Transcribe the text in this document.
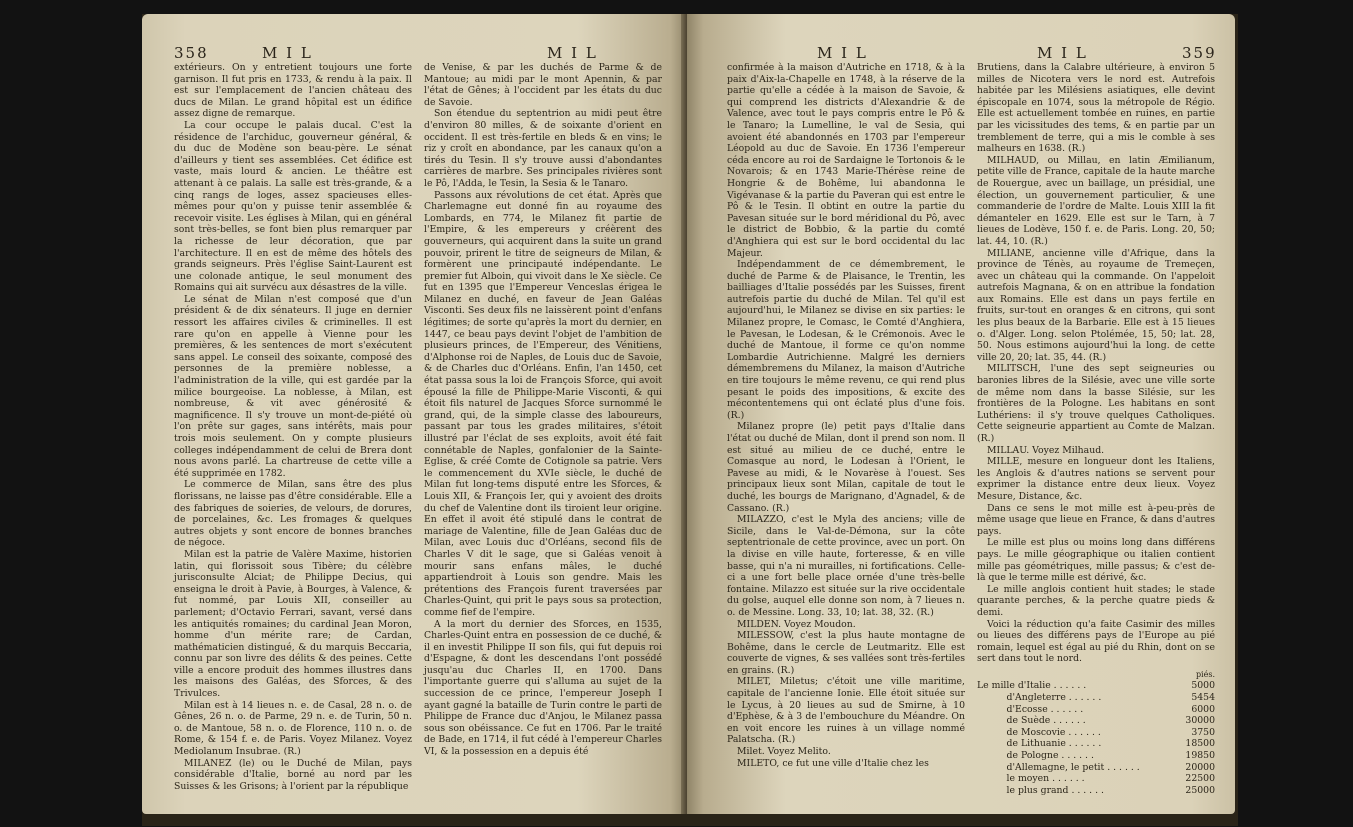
358	M I L	M I L

extérieurs. On y entretient toujours une forte garnison. Il fut pris en 1733, & rendu à la paix. Il est sur l'emplacement de l'ancien château des ducs de Milan. Le grand hôpital est un édifice assez digne de remarque.

La cour occupe le palais ducal. C'est la résidence de l'archiduc, gouverneur général, & du duc de Modène son beau-père. Le sénat d'ailleurs y tient ses assemblées. Cet édifice est vaste, mais lourd & ancien. Le théâtre est attenant à ce palais. La salle est très-grande, & a cinq rangs de loges, assez spacieuses elles-mêmes pour qu'on y puisse tenir assemblée & recevoir visite. Les églises à Milan, qui en général sont très-belles, se font bien plus remarquer par la richesse de leur décoration, que par l'architecture. Il en est de même des hôtels des grands seigneurs. Près l'église Saint-Laurent est une colonade antique, le seul monument des Romains qui ait survécu aux désastres de la ville.

Le sénat de Milan n'est composé que d'un président & de dix sénateurs. Il juge en dernier ressort les affaires civiles & criminelles. Il est rare qu'on en appelle à Vienne pour les premières, & les sentences de mort s'exécutent sans appel. Le conseil des soixante, composé des personnes de la première noblesse, a l'administration de la ville, qui est gardée par la milice bourgeoise. La noblesse, à Milan, est nombreuse, & vit avec générosité & magnificence. Il s'y trouve un mont-de-piété où l'on prête sur gages, sans intérêts, mais pour trois mois seulement. On y compte plusieurs colleges indépendamment de celui de Brera dont nous avons parlé. La chartreuse de cette ville a été supprimée en 1782.

Le commerce de Milan, sans être des plus florissans, ne laisse pas d'être considérable. Elle a des fabriques de soieries, de velours, de dorures, de porcelaines, &c. Les fromages & quelques autres objets y sont encore de bonnes branches de négoce.

Milan est la patrie de Valère Maxime, historien latin, qui florissoit sous Tibère; du célèbre jurisconsulte Alciat; de Philippe Decius, qui enseigna le droit à Pavie, à Bourges, à Valence, & fut nommé, par Louis XII, conseiller au parlement; d'Octavio Ferrari, savant, versé dans les antiquités romaines; du cardinal Jean Moron, homme d'un mérite rare; de Cardan, mathématicien distingué, & du marquis Beccaria, connu par son livre des délits & des peines. Cette ville a encore produit des hommes illustres dans les maisons des Galéas, des Sforces, & des Trivulces.

Milan est à 14 lieues n. e. de Casal, 28 n. o. de Gênes, 26 n. o. de Parme, 29 n. e. de Turin, 50 n. o. de Mantoue, 58 n. o. de Florence, 110 n. o. de Rome, & 154 f. e. de Paris. Voyez Milanez. Voyez Mediolanum Insubrae. (R.)

MILANEZ (le) ou le Duché de Milan, pays considérable d'Italie, borné au nord par les Suisses & les Grisons; à l'orient par la république

de Venise, & par les duchés de Parme & de Mantoue; au midi par le mont Apennin, & par l'état de Gênes; à l'occident par les états du duc de Savoie.

Son étendue du septentrion au midi peut être d'environ 80 milles, & de soixante d'orient en occident. Il est très-fertile en bleds & en vins; le riz y croît en abondance, par les canaux qu'on a tirés du Tesin. Il s'y trouve aussi d'abondantes carrières de marbre. Ses principales rivières sont le Pô, l'Adda, le Tesin, la Sesia & le Tanaro.

Passons aux révolutions de cet état. Après que Charlemagne eut donné fin au royaume des Lombards, en 774, le Milanez fit partie de l'Empire, & les empereurs y créèrent des gouverneurs, qui acquirent dans la suite un grand pouvoir, prirent le titre de seigneurs de Milan, & formèrent une principauté indépendante. Le premier fut Alboin, qui vivoit dans le Xe siècle. Ce fut en 1395 que l'Empereur Venceslas érigea le Milanez en duché, en faveur de Jean Galéas Visconti. Ses deux fils ne laissèrent point d'enfans légitimes; de sorte qu'après la mort du dernier, en 1447, ce beau pays devint l'objet de l'ambition de plusieurs princes, de l'Empereur, des Vénitiens, d'Alphonse roi de Naples, de Louis duc de Savoie, & de Charles duc d'Orléans. Enfin, l'an 1450, cet état passa sous la loi de François Sforce, qui avoit épousé la fille de Philippe-Marie Visconti, & qui étoit fils naturel de Jacques Sforce surnommé le grand, qui, de la simple classe des laboureurs, passant par tous les grades militaires, s'étoit illustré par l'éclat de ses exploits, avoit été fait connétable de Naples, gonfalonier de la Sainte-Eglise, & créé Comte de Cotignole sa patrie. Vers le commencement du XVIe siècle, le duché de Milan fut long-tems disputé entre les Sforces, & Louis XII, & François Ier, qui y avoient des droits du chef de Valentine dont ils tiroient leur origine. En effet il avoit été stipulé dans le contrat de mariage de Valentine, fille de Jean Galéas duc de Milan, avec Louis duc d'Orléans, second fils de Charles V dit le sage, que si Galéas venoit à mourir sans enfans mâles, le duché appartiendroit à Louis son gendre. Mais les prétentions des François furent traversées par Charles-Quint, qui prit le pays sous sa protection, comme fief de l'empire.

A la mort du dernier des Sforces, en 1535, Charles-Quint entra en possession de ce duché, & il en investit Philippe II son fils, qui fut depuis roi d'Espagne, & dont les descendans l'ont possédé jusqu'au duc Charles II, en 1700. Dans l'importante guerre qui s'alluma au sujet de la succession de ce prince, l'empereur Joseph I ayant gagné la bataille de Turin contre le parti de Philippe de France duc d'Anjou, le Milanez passa sous son obéissance. Ce fut en 1706. Par le traité de Bade, en 1714, il fut cédé à l'empereur Charles VI, & la possession en a depuis été

M I L	M I L	359

confirmée à la maison d'Autriche en 1718, & à la paix d'Aix-la-Chapelle en 1748, à la réserve de la partie qu'elle a cédée à la maison de Savoie, & qui comprend les districts d'Alexandrie & de Valence, avec tout le pays compris entre le Pô & le Tanaro; la Lumelline, le val de Sesia, qui avoient été abandonnés en 1703 par l'empereur Léopold au duc de Savoie. En 1736 l'empereur céda encore au roi de Sardaigne le Tortonois & le Novarois; & en 1743 Marie-Thérèse reine de Hongrie & de Bohême, lui abandonna le Vigévanase & la partie du Paveran qui est entre le Pô & le Tesin. Il obtint en outre la partie du Pavesan située sur le bord méridional du Pô, avec le district de Bobbio, & la partie du comté d'Anghiera qui est sur le bord occidental du lac Majeur.

Indépendamment de ce démembrement, le duché de Parme & de Plaisance, le Trentin, les bailliages d'Italie possédés par les Suisses, firent autrefois partie du duché de Milan. Tel qu'il est aujourd'hui, le Milanez se divise en six parties: le Milanez propre, le Comasc, le Comté d'Anghiera, le Pavesan, le Lodesan, & le Crémonois. Avec le duché de Mantoue, il forme ce qu'on nomme Lombardie Autrichienne. Malgré les derniers démembremens du Milanez, la maison d'Autriche en tire toujours le même revenu, ce qui rend plus pesant le poids des impositions, & excite des mécontentemens qui ont éclaté plus d'une fois. (R.)

Milanez propre (le) petit pays d'Italie dans l'état ou duché de Milan, dont il prend son nom. Il est situé au milieu de ce duché, entre le Comasque au nord, le Lodesan à l'Orient, le Pavese au midi, & le Novarèse à l'ouest. Ses principaux lieux sont Milan, capitale de tout le duché, les bourgs de Marignano, d'Agnadel, & de Cassano. (R.)

MILAZZO, c'est le Myla des anciens; ville de Sicile, dans le Val-de-Démona, sur la côte septentrionale de cette province, avec un port. On la divise en ville haute, forteresse, & en ville basse, qui n'a ni murailles, ni fortifications. Celle-ci a une fort belle place ornée d'une très-belle fontaine. Milazzo est située sur la rive occidentale du golse, auquel elle donne son nom, à 7 lieues n. o. de Messine. Long. 33, 10; lat. 38, 32. (R.)

MILDEN. Voyez Moudon.

MILESSOW, c'est la plus haute montagne de Bohême, dans le cercle de Leutmaritz. Elle est couverte de vignes, & ses vallées sont très-fertiles en grains. (R.)

MILET, Miletus; c'étoit une ville maritime, capitale de l'ancienne Ionie. Elle étoit située sur le Lycus, à 20 lieues au sud de Smirne, à 10 d'Ephèse, & à 3 de l'embouchure du Méandre. On en voit encore les ruines à un village nommé Palatscha. (R.)

Milet. Voyez Melito.

MILETO, ce fut une ville d'Italie chez les

Brutiens, dans la Calabre ultérieure, à environ 5 milles de Nicotera vers le nord est. Autrefois habitée par les Milésiens asiatiques, elle devint épiscopale en 1074, sous la métropole de Régio. Elle est actuellement tombée en ruines, en partie par les vicissitudes des tems, & en partie par un tremblement de terre, qui a mis le comble à ses malheurs en 1638. (R.)

MILHAUD, ou Millau, en latin Æmilianum, petite ville de France, capitale de la haute marche de Rouergue, avec un baillage, un présidial, une élection, un gouvernement particulier, & une commanderie de l'ordre de Malte. Louis XIII la fit démanteler en 1629. Elle est sur le Tarn, à 7 lieues de Lodève, 150 f. e. de Paris. Long. 20, 50; lat. 44, 10. (R.)

MILIANE, ancienne ville d'Afrique, dans la province de Ténès, au royaume de Tremeçen, avec un château qui la commande. On l'appeloit autrefois Magnana, & on en attribue la fondation aux Romains. Elle est dans un pays fertile en fruits, sur-tout en oranges & en citrons, qui sont les plus beaux de la Barbarie. Elle est à 15 lieues o. d'Alger. Long. selon Ptolémée, 15, 50; lat. 28, 50. Nous estimons aujourd'hui la long. de cette ville 20, 20; lat. 35, 44. (R.)

MILITSCH, l'une des sept seigneuries ou baronies libres de la Silésie, avec une ville sorte de même nom dans la basse Silésie, sur les frontières de la Pologne. Les habitans en sont Luthériens: il s'y trouve quelques Catholiques. Cette seigneurie appartient au Comte de Malzan. (R.)

MILLAU. Voyez Milhaud.

MILLE, mesure en longueur dont les Italiens, les Anglois & d'autres nations se servent pour exprimer la distance entre deux lieux. Voyez Mesure, Distance, &c.

Dans ce sens le mot mille est à-peu-près de même usage que lieue en France, & dans d'autres pays.

Le mille est plus ou moins long dans différens pays. Le mille géographique ou italien contient mille pas géométriques, mille passus; & c'est de-là que le terme mille est dérivé, &c.

Le mille anglois contient huit stades; le stade quarante perches, & la perche quatre pieds & demi.

Voici la réduction qu'a faite Casimir des milles ou lieues des différens pays de l'Europe au pié romain, lequel est égal au pié du Rhin, dont on se sert dans tout le nord.

piés.
Le mille d'Italie . . . . . .	5000
d'Angleterre . . . . . .	5454
d'Ecosse . . . . . .	6000
de Suède . . . . . .	30000
de Moscovie . . . . . .	3750
de Lithuanie . . . . . .	18500
de Pologne . . . . . .	19850
d'Allemagne, le petit . . . . . .	20000
le moyen . . . . . .	22500
le plus grand . . . . . .	25000
